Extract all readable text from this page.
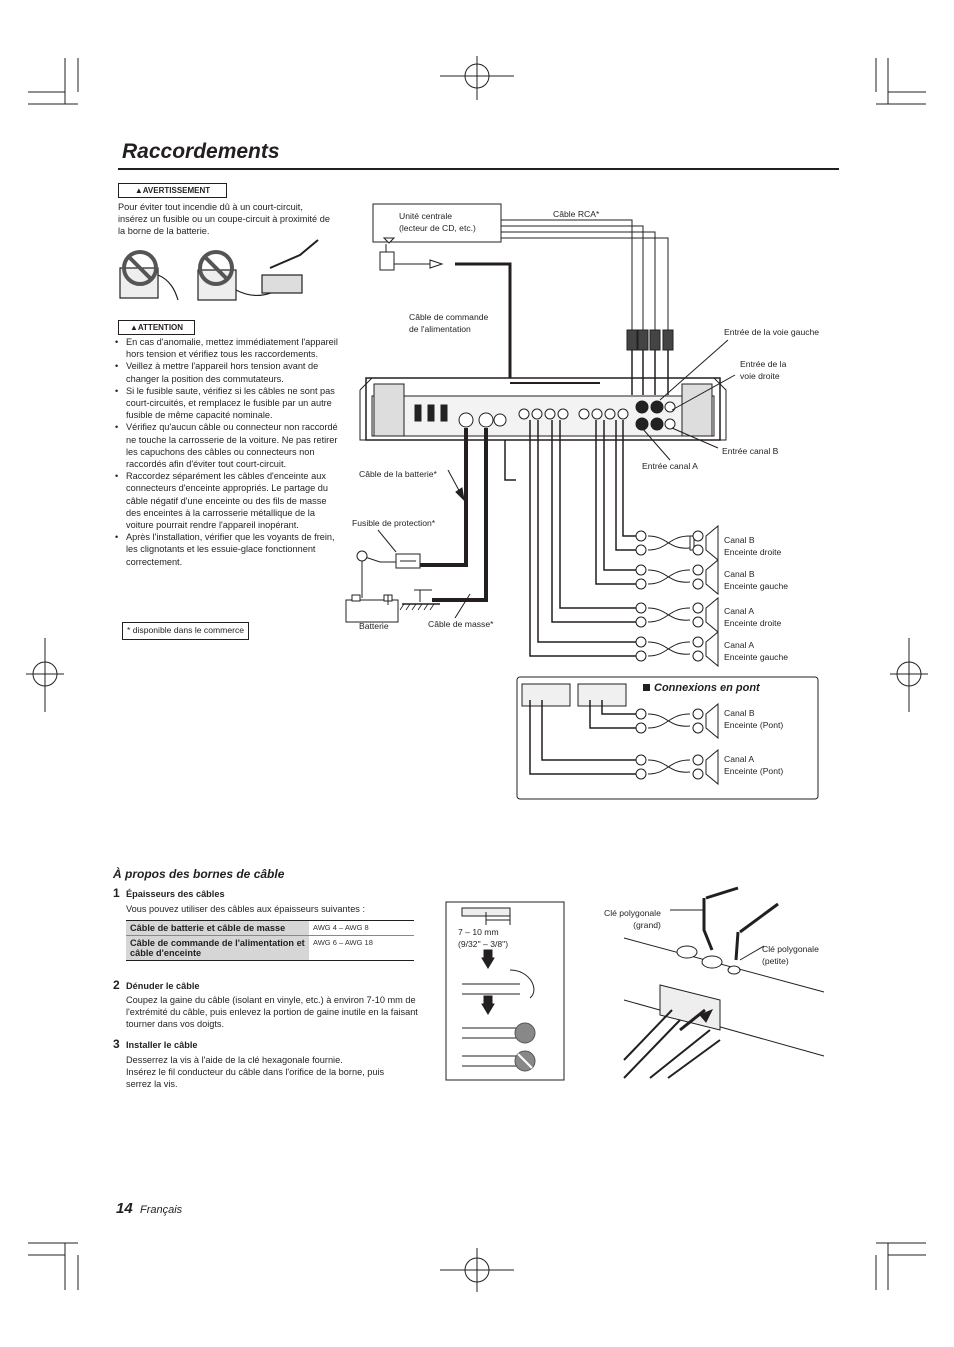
Raccordements
▲AVERTISSEMENT
Pour éviter tout incendie dû à un court-circuit, insérez un fusible ou un coupe-circuit à proximité de la borne de la batterie.
▲ATTENTION
• En cas d'anomalie, mettez immédiatement l'appareil hors tension et vérifiez tous les raccordements.
• Veillez à mettre l'appareil hors tension avant de changer la position des commutateurs.
• Si le fusible saute, vérifiez si les câbles ne sont pas court-circuités, et remplacez le fusible par un autre fusible de même capacité nominale.
• Vérifiez qu'aucun câble ou connecteur non raccordé ne touche la carrosserie de la voiture. Ne pas retirer les capuchons des câbles ou connecteurs non raccordés afin d'éviter tout court-circuit.
• Raccordez séparément les câbles d'enceinte aux connecteurs d'enceinte appropriés. Le partage du câble négatif d'une enceinte ou des fils de masse des enceintes à la carrosserie métallique de la voiture pourrait rendre l'appareil inopérant.
• Après l'installation, vérifier que les voyants de frein, les clignotants et les essuie-glace fonctionnent correctement.
* disponible dans le commerce
Unité centrale
(lecteur de CD, etc.)
Câble RCA*
Câble de commande
de l'alimentation	Entrée de la voie gauche
Entrée de la
voie droite
Entrée canal B
Entrée canal A
Câble de la batterie*
Fusible de protection*
Batterie	Câble de masse*
Canal B
Enceinte droite
Canal B
Enceinte gauche
Canal A
Enceinte droite
Canal A
Enceinte gauche
Connexions en pont
Canal B
Enceinte (Pont)
Canal A
Enceinte (Pont)
À propos des bornes de câble
1 Épaisseurs des câbles
Vous pouvez utiliser des câbles aux épaisseurs suivantes :
Câble de batterie et câble de masse	AWG 4 – AWG 8
Câble de commande de l'alimentation et câble d'enceinte	AWG 6 – AWG 18
2 Dénuder le câble
Coupez la gaine du câble (isolant en vinyle, etc.) à environ 7-10 mm de l'extrémité du câble, puis enlevez la portion de gaine inutile en la faisant tourner dans vos doigts.
3 Installer le câble
Desserrez la vis à l'aide de la clé hexagonale fournie.
Insérez le fil conducteur du câble dans l'orifice de la borne, puis serrez la vis.
7 – 10 mm
(9/32" – 3/8")
Clé polygonale
(grand)
Clé polygonale
(petite)
14 Français
